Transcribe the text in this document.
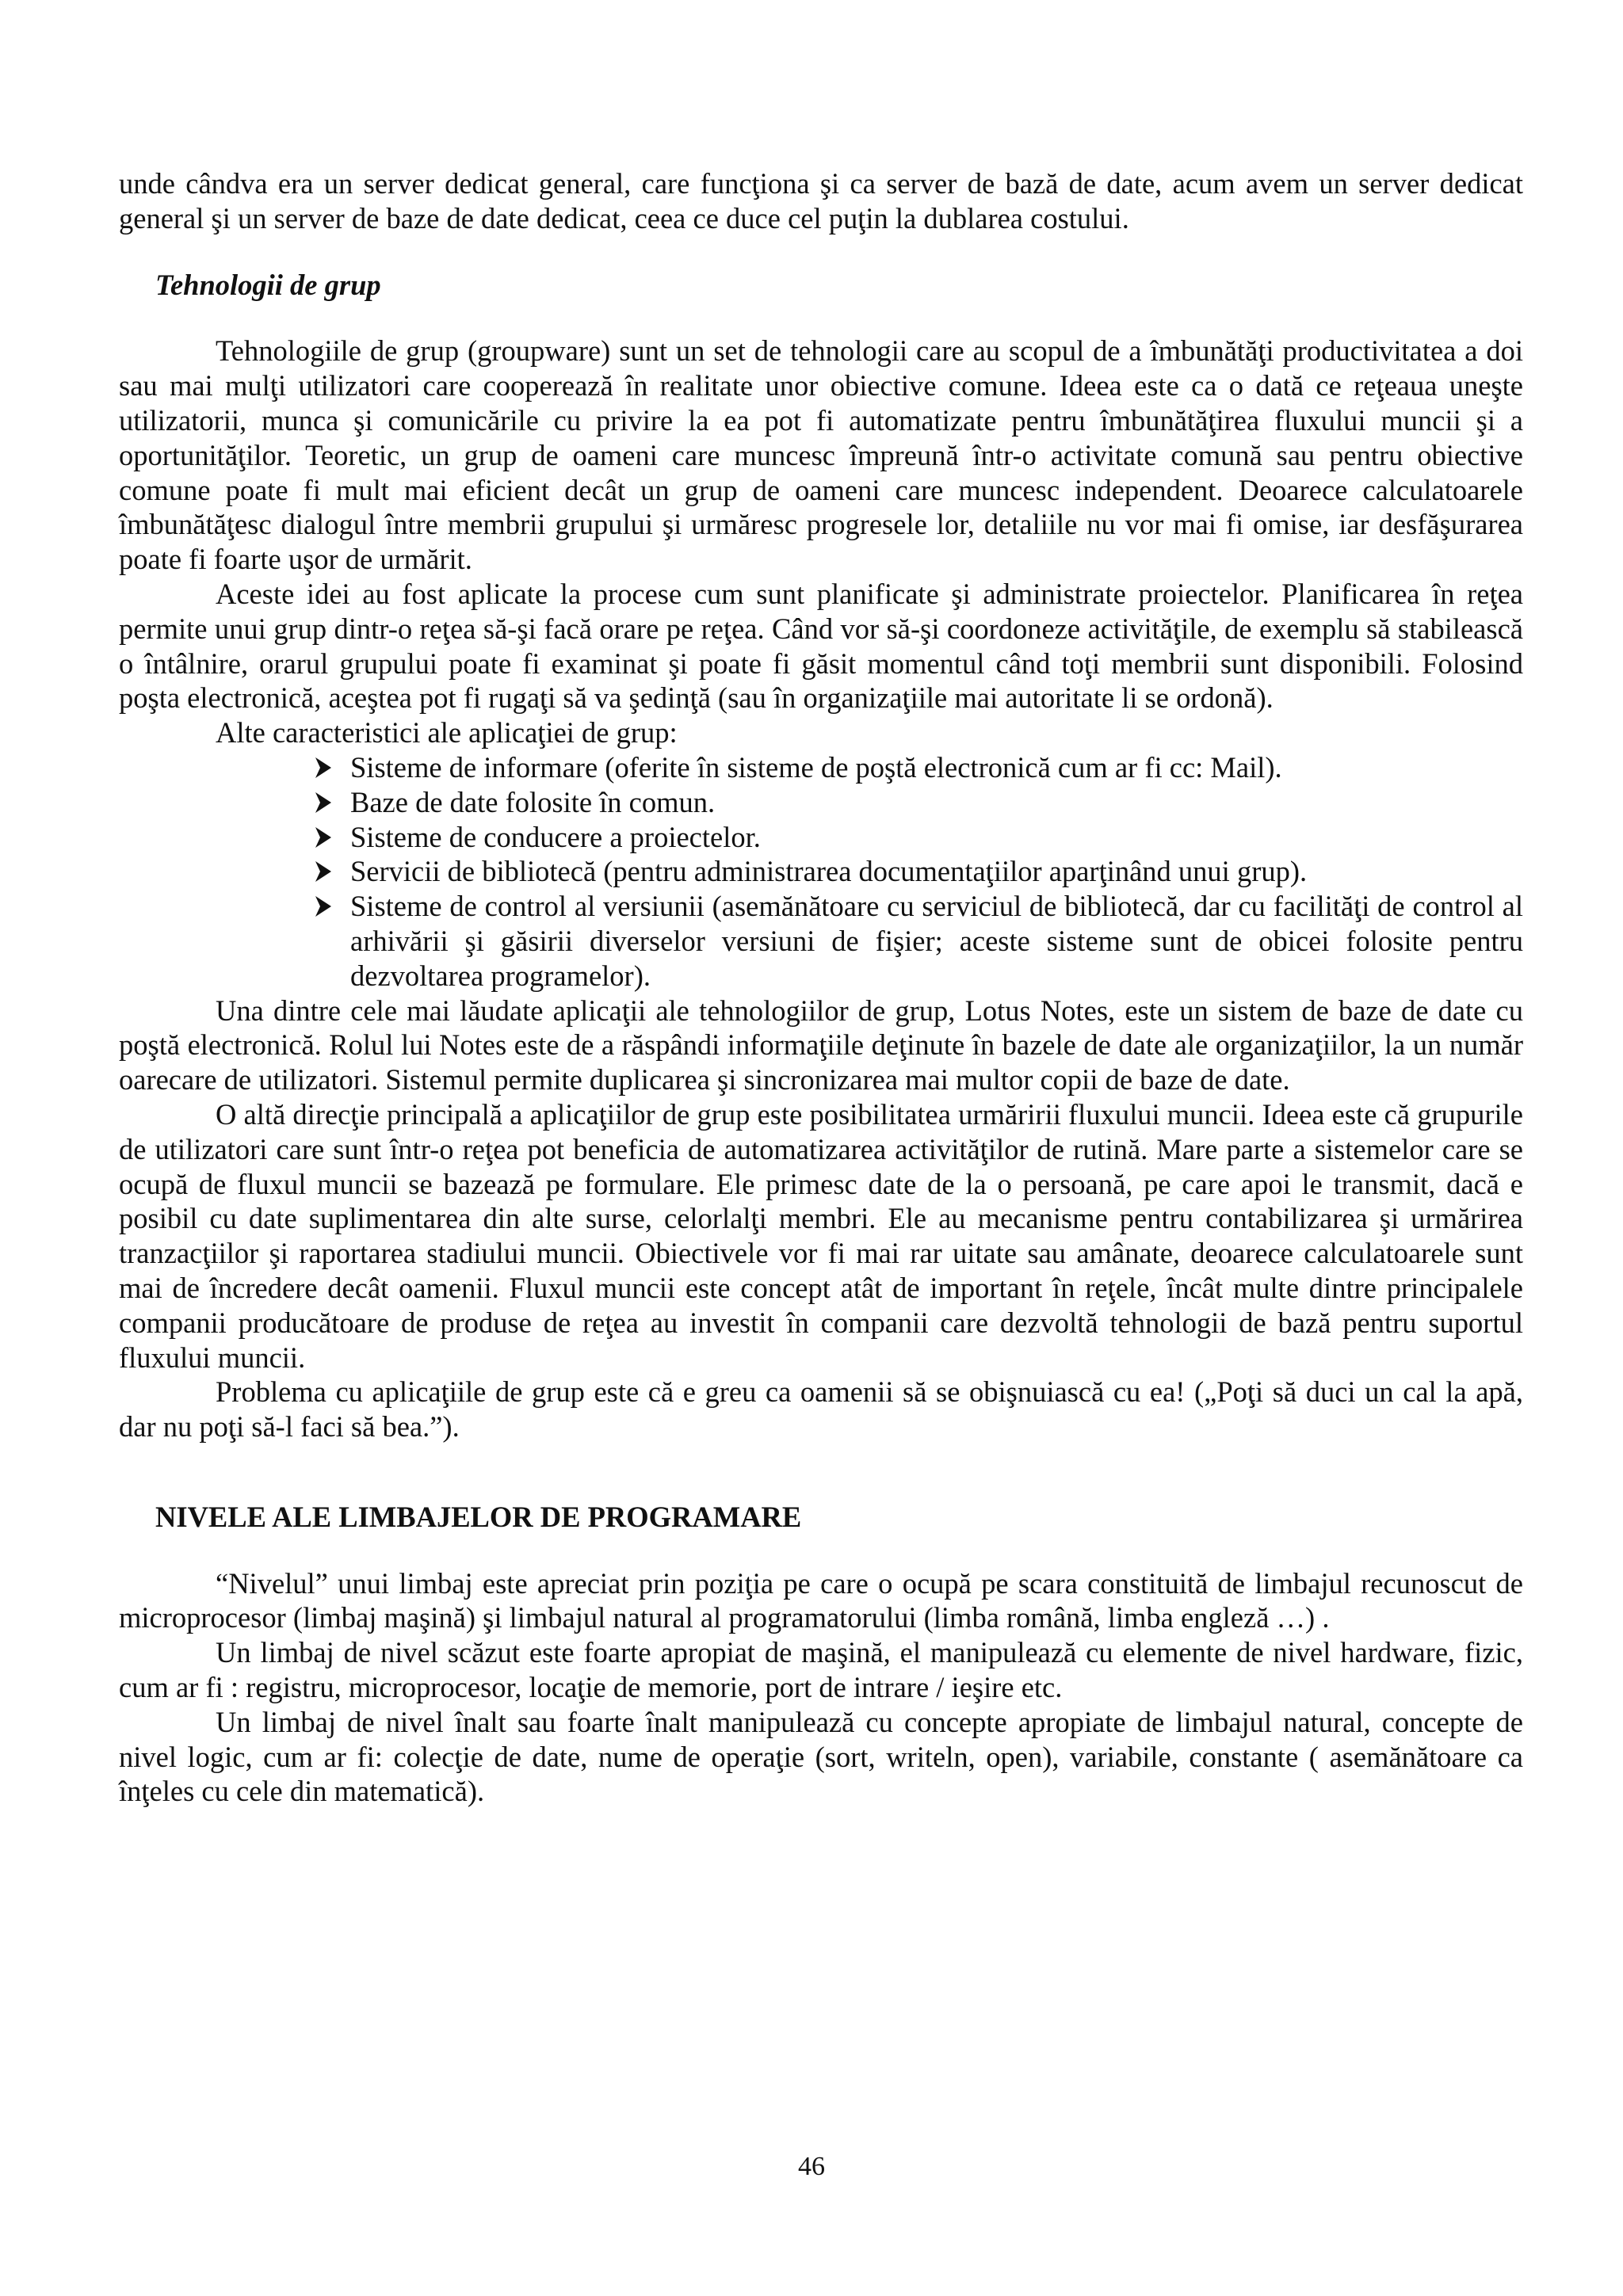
unde cândva era un server dedicat general, care funcţiona şi ca server de bază de date, acum avem un server dedicat general şi un server de baze de date dedicat, ceea ce duce cel puţin la dublarea costului.

Tehnologii de grup

Tehnologiile de grup (groupware) sunt un set de tehnologii care au scopul de a îmbunătăţi productivitatea a doi sau mai mulţi utilizatori care cooperează în realitate unor obiective comune. Ideea este ca o dată ce reţeaua uneşte utilizatorii, munca şi comunicările cu privire la ea pot fi automatizate pentru îmbunătăţirea fluxului muncii şi a oportunităţilor. Teoretic, un grup de oameni care muncesc împreună într-o activitate comună sau pentru obiective comune poate fi mult mai eficient decât un grup de oameni care muncesc independent. Deoarece calculatoarele îmbunătăţesc dialogul între membrii grupului şi urmăresc progresele lor, detaliile nu vor mai fi omise, iar desfăşurarea poate fi foarte uşor de urmărit.

Aceste idei au fost aplicate la procese cum sunt planificate şi administrate proiectelor. Planificarea în reţea permite unui grup dintr-o reţea să-şi facă orare pe reţea. Când vor să-şi coordoneze activităţile, de exemplu să stabilească o întâlnire, orarul grupului poate fi examinat şi poate fi găsit momentul când toţi membrii sunt disponibili. Folosind poşta electronică, aceştea pot fi rugaţi să va şedinţă (sau în organizaţiile mai autoritate li se ordonă).

Alte caracteristici ale aplicaţiei de grup:

Sisteme de informare (oferite în sisteme de poştă electronică cum ar fi cc: Mail).
Baze de date folosite în comun.
Sisteme de conducere a proiectelor.
Servicii de bibliotecă (pentru administrarea documentaţiilor aparţinând unui grup).
Sisteme de control al versiunii (asemănătoare cu serviciul de bibliotecă, dar cu facilităţi de control al arhivării şi găsirii diverselor versiuni de fişier; aceste sisteme sunt de obicei folosite pentru dezvoltarea programelor).

Una dintre cele mai lăudate aplicaţii ale tehnologiilor de grup, Lotus Notes, este un sistem de baze de date cu poştă electronică. Rolul lui Notes este de a răspândi informaţiile deţinute în bazele de date ale organizaţiilor, la un număr oarecare de utilizatori. Sistemul permite duplicarea şi sincronizarea mai multor copii de baze de date.

O altă direcţie principală a aplicaţiilor de grup este posibilitatea urmăririi fluxului muncii. Ideea este că grupurile de utilizatori care sunt într-o reţea pot beneficia de automatizarea activităţilor de rutină. Mare parte a sistemelor care se ocupă de fluxul muncii se bazează pe formulare. Ele primesc date de la o persoană, pe care apoi le transmit, dacă e posibil cu date suplimentarea din alte surse, celorlalţi membri. Ele au mecanisme pentru contabilizarea şi urmărirea tranzacţiilor şi raportarea stadiului muncii. Obiectivele vor fi mai rar uitate sau amânate, deoarece calculatoarele sunt mai de încredere decât oamenii. Fluxul muncii este concept atât de important în reţele, încât multe dintre principalele companii producătoare de produse de reţea au investit în companii care dezvoltă tehnologii de bază pentru suportul fluxului muncii.

Problema cu aplicaţiile de grup este că e greu ca oamenii să se obişnuiască cu ea! („Poţi să duci un cal la apă, dar nu poţi să-l faci să bea.”).

NIVELE ALE LIMBAJELOR DE PROGRAMARE

“Nivelul” unui limbaj este apreciat prin poziţia pe care o ocupă pe scara constituită de limbajul recunoscut de microprocesor (limbaj maşină) şi limbajul natural al programatorului (limba română, limba engleză …) .

Un limbaj de nivel scăzut este foarte apropiat de maşină, el manipulează cu elemente de nivel hardware, fizic, cum ar fi : registru, microprocesor, locaţie de memorie, port de intrare / ieşire etc.

Un limbaj de nivel înalt sau foarte înalt manipulează cu concepte apropiate de limbajul natural, concepte de nivel logic, cum ar fi: colecţie de date, nume de operaţie (sort, writeln, open), variabile, constante ( asemănătoare ca înţeles cu cele din matematică).

46
